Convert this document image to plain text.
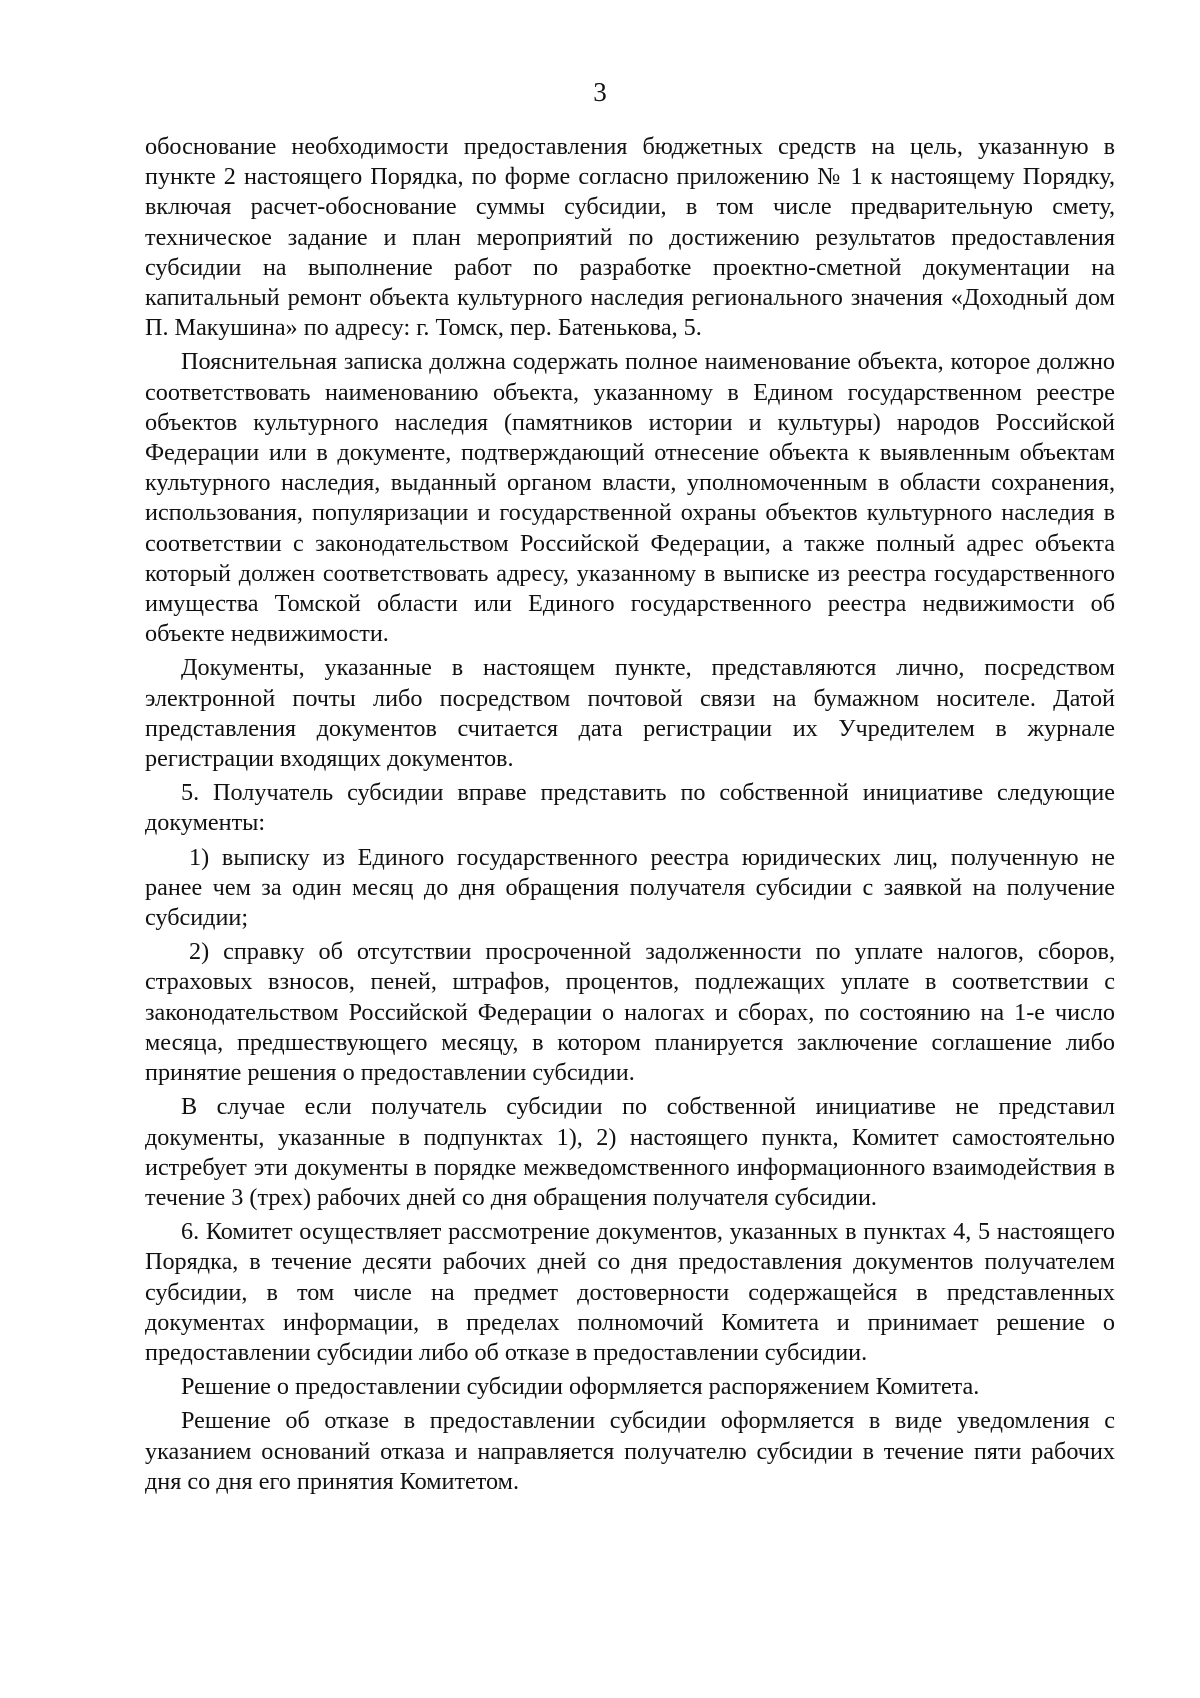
3

обоснование необходимости предоставления бюджетных средств на цель, указанную в пункте 2 настоящего Порядка, по форме согласно приложению № 1 к настоящему Порядку, включая расчет-обоснование суммы субсидии, в том числе предварительную смету, техническое задание и план мероприятий по достижению результатов предоставления субсидии на выполнение работ по разработке проектно-сметной документации на капитальный ремонт объекта культурного наследия регионального значения «Доходный дом П. Макушина» по адресу: г. Томск, пер. Батенькова, 5.

Пояснительная записка должна содержать полное наименование объекта, которое должно соответствовать наименованию объекта, указанному в Едином государственном реестре объектов культурного наследия (памятников истории и культуры) народов Российской Федерации или в документе, подтверждающий отнесение объекта к выявленным объектам культурного наследия, выданный органом власти, уполномоченным в области сохранения, использования, популяризации и государственной охраны объектов культурного наследия в соответствии с законодательством Российской Федерации, а также полный адрес объекта который должен соответствовать адресу, указанному в выписке из реестра государственного имущества Томской области или Единого государственного реестра недвижимости об объекте недвижимости.

Документы, указанные в настоящем пункте, представляются лично, посредством электронной почты либо посредством почтовой связи на бумажном носителе. Датой представления документов считается дата регистрации их Учредителем в журнале регистрации входящих документов.

5. Получатель субсидии вправе представить по собственной инициативе следующие документы:

1) выписку из Единого государственного реестра юридических лиц, полученную не ранее чем за один месяц до дня обращения получателя субсидии с заявкой на получение субсидии;

2) справку об отсутствии просроченной задолженности по уплате налогов, сборов, страховых взносов, пеней, штрафов, процентов, подлежащих уплате в соответствии с законодательством Российской Федерации о налогах и сборах, по состоянию на 1-е число месяца, предшествующего месяцу, в котором планируется заключение соглашение либо принятие решения о предоставлении субсидии.

В случае если получатель субсидии по собственной инициативе не представил документы, указанные в подпунктах 1), 2) настоящего пункта, Комитет самостоятельно истребует эти документы в порядке межведомственного информационного взаимодействия в течение 3 (трех) рабочих дней со дня обращения получателя субсидии.

6. Комитет осуществляет рассмотрение документов, указанных в пунктах 4, 5 настоящего Порядка, в течение десяти рабочих дней со дня предоставления документов получателем субсидии, в том числе на предмет достоверности содержащейся в представленных документах информации, в пределах полномочий Комитета и принимает решение о предоставлении субсидии либо об отказе в предоставлении субсидии.

Решение о предоставлении субсидии оформляется распоряжением Комитета.

Решение об отказе в предоставлении субсидии оформляется в виде уведомления с указанием оснований отказа и направляется получателю субсидии в течение пяти рабочих дня со дня его принятия Комитетом.
